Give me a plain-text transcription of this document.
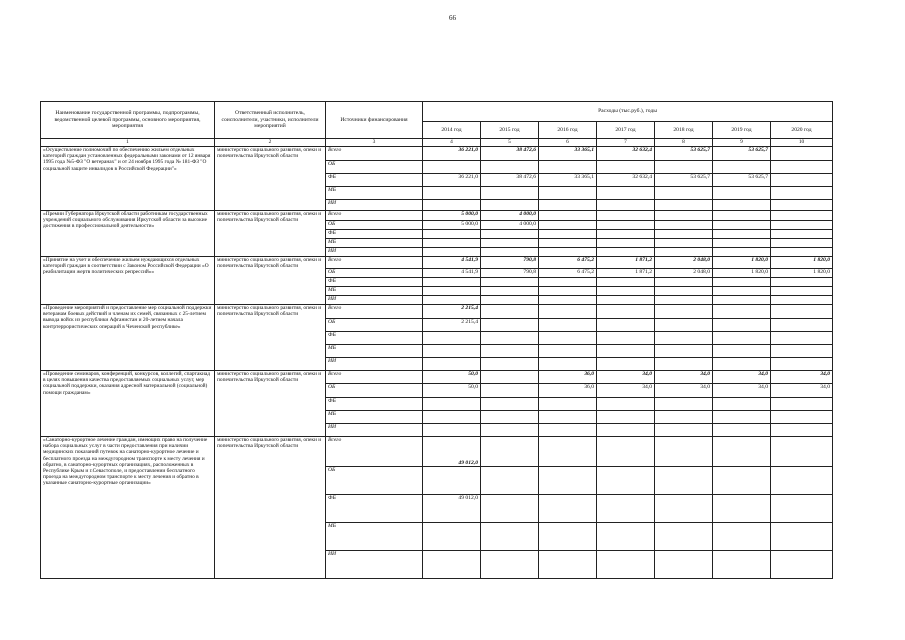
66
Наименование государственной программы, подпрограммы, ведомственной целевой программы, основного мероприятия, мероприятия	Ответственный исполнитель, соисполнители, участники, исполнители мероприятий	Источники финансирования	Расходы (тыс.руб.), годы						
			2014 год	2015 год	2016 год	2017 год	2018 год	2019 год	2020 год
1	2	3	4	5	6	7	8	9	10
«Осуществление полномочий по обеспечению жильем отдельных категорий граждан установленных федеральными законами от 12 января 1995 года №5-ФЗ "О ветеранах" и от 24 ноября 1995 года № 181-ФЗ "О социальной защите инвалидов в Российской Федерации"»	министерство социального развития, опеки и попечительства Иркутской области	Всего	36 221,0	38 472,6	33 365,1	32 632,4	53 625,7	53 625,7	
		ОБ							
		ФБ	36 221,0	38 472,6	33 365,1	32 632,4	53 625,7	53 625,7	
		МБ							
		ИИ							
«Премии Губернатора Иркутской области работникам государственных учреждений социального обслуживания Иркутской области за высокие достижения в профессиональной деятельности»	министерство социального развития, опеки и попечительства Иркутской области	Всего	5 000,0	4 000,0					
		ОБ	5 000,0	4 000,0					
		ФБ							
		МБ							
		ИИ							
«Принятие на учет и обеспечение жильем нуждающихся отдельных категорий граждан в соответствии с Законом Российской Федерации «О реабилитации жертв политических репрессий»»	министерство социального развития, опеки и попечительства Иркутской области	Всего	4 541,9	790,8	6 475,2	1 871,2	2 048,0	1 820,0	1 820,0
		ОБ	4 541,9	790,8	6 475,2	1 871,2	2 048,0	1 820,0	1 820,0
		ФБ							
		МБ							
		ИИ							
«Проведение мероприятий и предоставление мер социальной поддержки ветеранам боевых действий и членам их семей, связанных с 25-летием вывода войск из республики Афганистан и 20-летием начала контртеррористических операций в Чеченской республике»	министерство социального развития, опеки и попечительства Иркутской области	Всего	2 215,4						
		ОБ	2 215,4						
		ФБ							
		МБ							
		ИИ							
«Проведение семинаров, конференций, конкурсов, коллегий, спартакиад в целях повышения качества предоставляемых социальных услуг, мер социальной поддержки, оказания адресной материальной (социальной) помощи гражданам»	министерство социального развития, опеки и попечительства Иркутской области	Всего	50,0		36,0	34,0	34,0	34,0	34,0
		ОБ	50,0		36,0	34,0	34,0	34,0	34,0
		ФБ							
		МБ							
		ИИ							
«Санаторно-курортное лечение граждан, имеющих право на получение набора социальных услуг в части предоставления при наличии медицинских показаний путевок на санаторно-курортное лечение и бесплатного проезда на междугородном транспорте к месту лечения и обратно, в санаторно-курортных организациях, расположенных в Республике Крым и г.Севастополе, и предоставлении бесплатного проезда на междугородном транспорте к месту лечения и обратно в указанные санаторно-курортные организации»	министерство социального развития, опеки и попечительства Иркутской области	Всего	49 012,0						
		ОБ							
		ФБ	49 012,0						
		МБ							
		ИИ							
